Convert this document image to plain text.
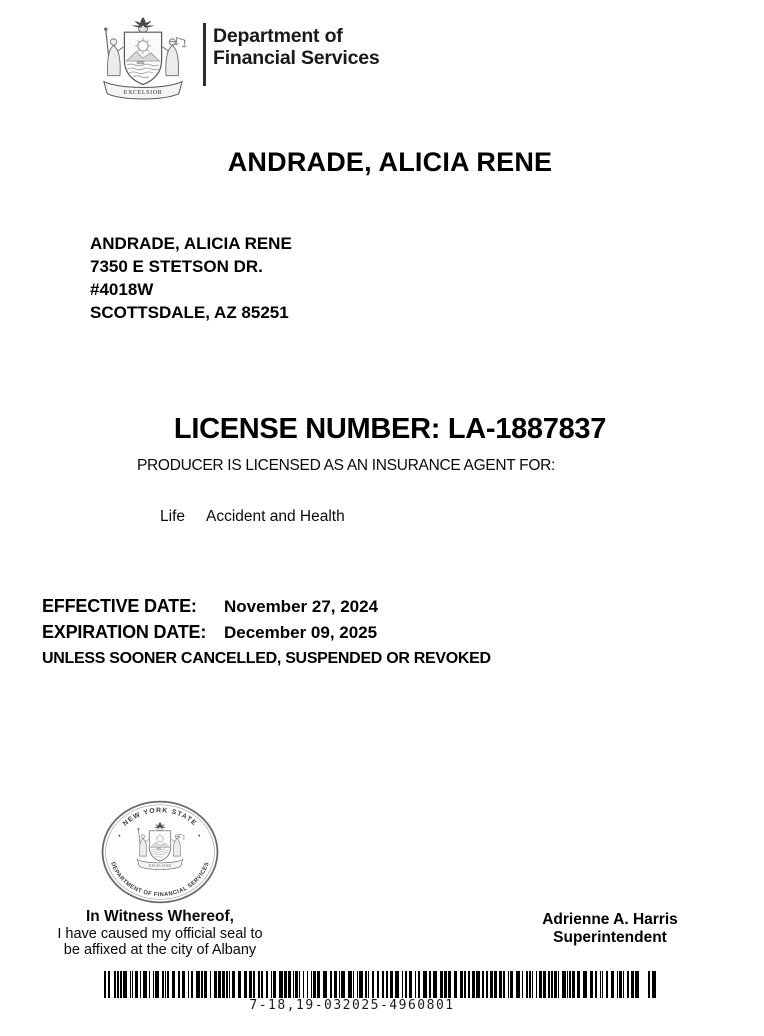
Department of
Financial Services
ANDRADE, ALICIA RENE
ANDRADE, ALICIA RENE
7350 E STETSON DR.
#4018W
SCOTTSDALE, AZ 85251
LICENSE NUMBER: LA-1887837
PRODUCER IS LICENSED AS AN INSURANCE AGENT FOR:
Life Accident and Health
EFFECTIVE DATE:	November 27, 2024
EXPIRATION DATE:	December 09, 2025
UNLESS SOONER CANCELLED, SUSPENDED OR REVOKED
NEW YORK STATE
DEPARTMENT OF FINANCIAL SERVICES
•	•
In Witness Whereof,
I have caused my official seal to
be affixed at the city of Albany
Adrienne A. Harris
Superintendent
7-18,19-032025-4960801
